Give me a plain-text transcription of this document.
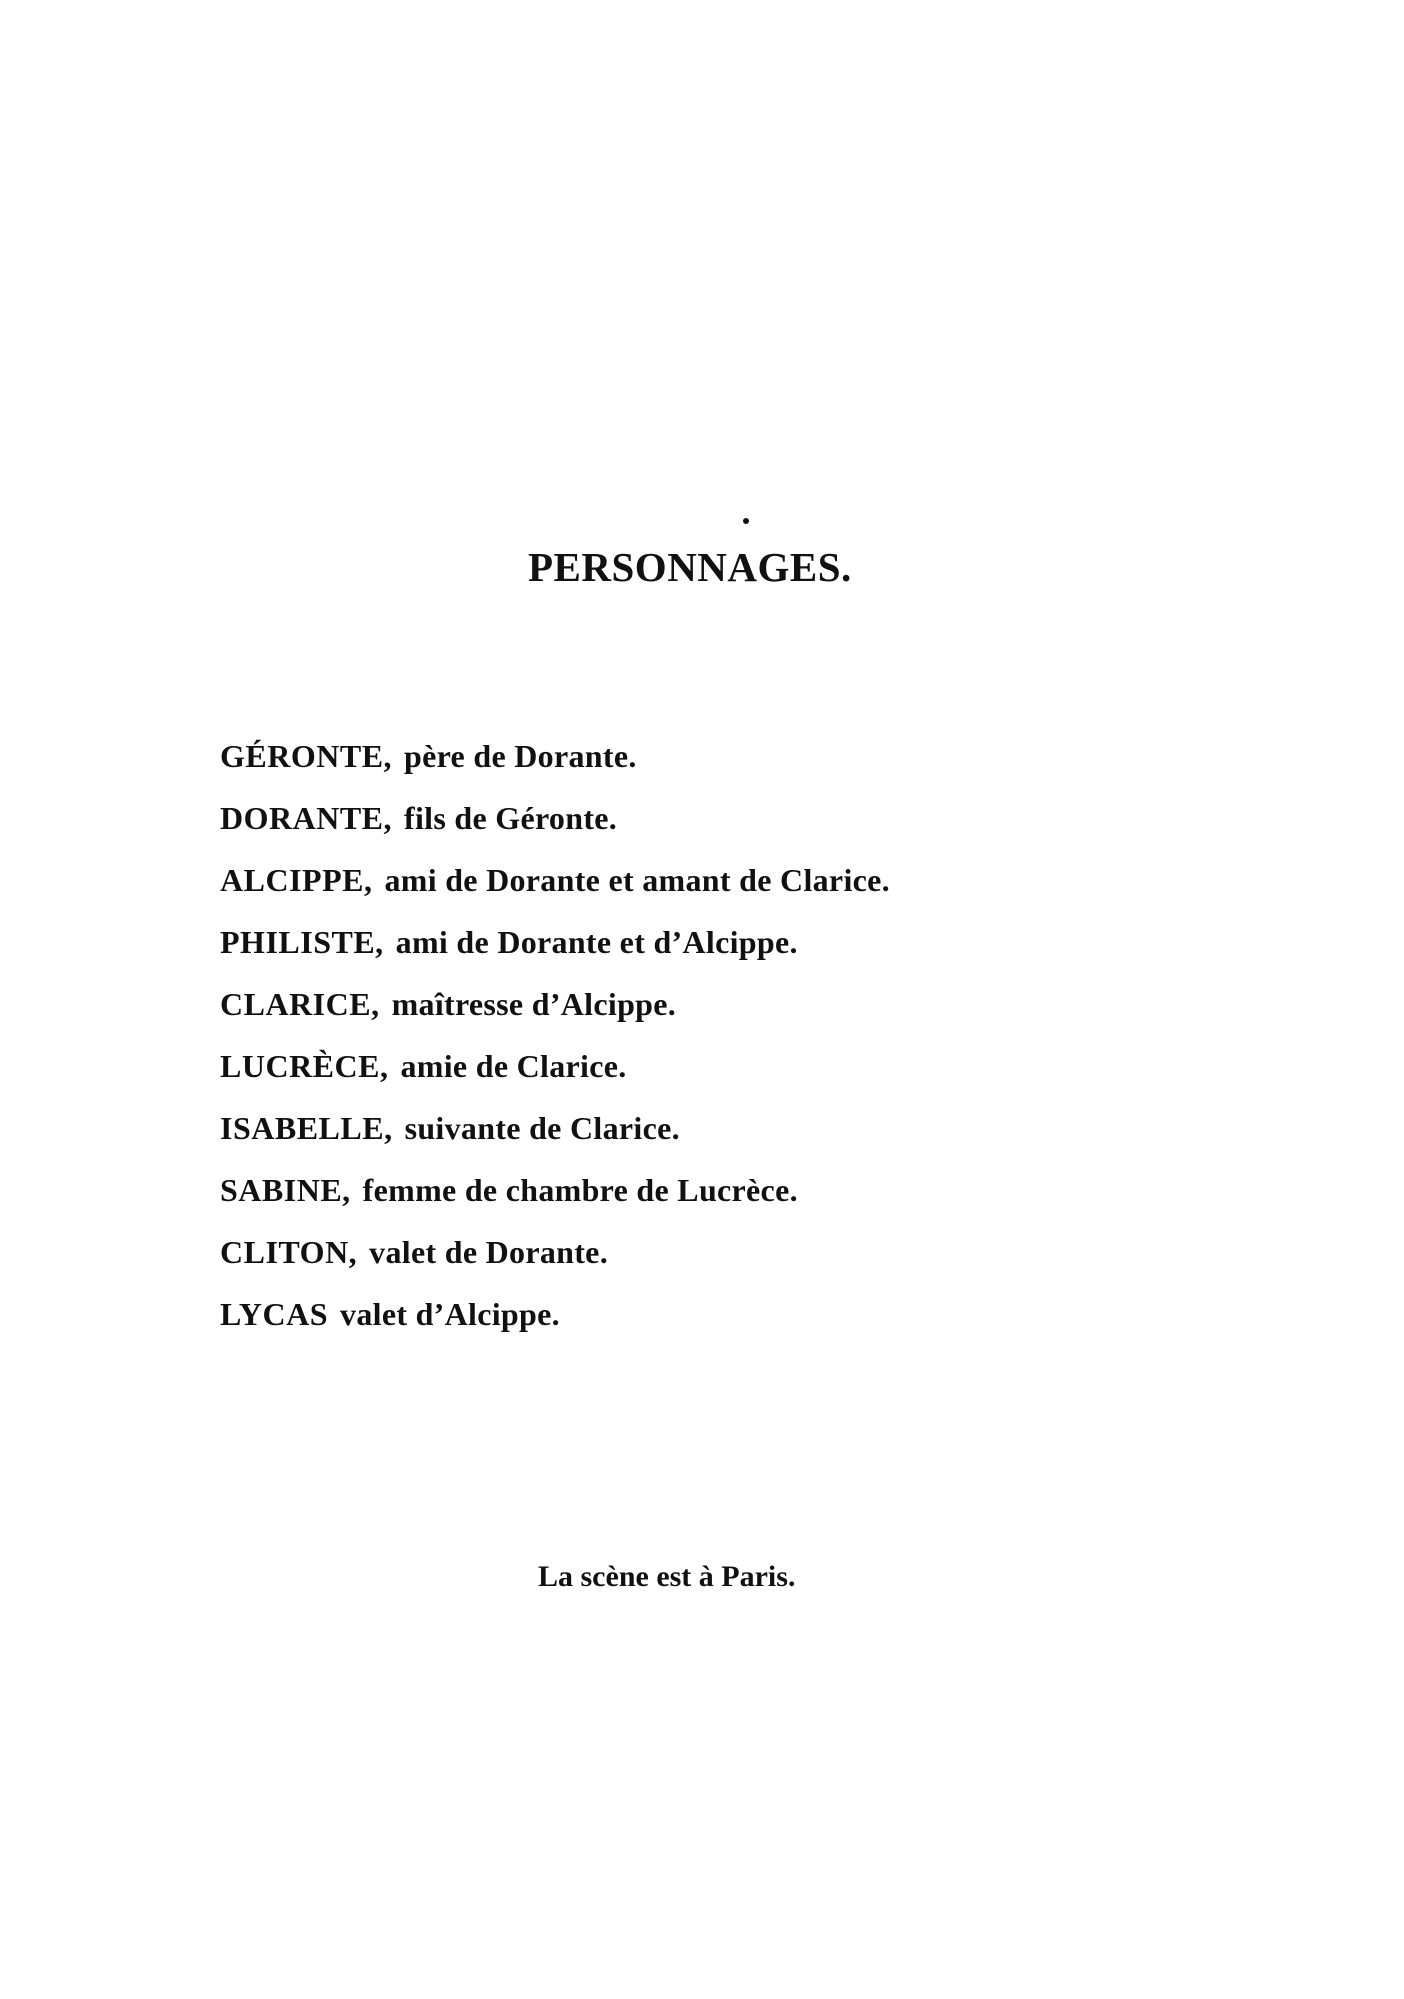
PERSONNAGES.
GÉRONTE, père de Dorante.
DORANTE, fils de Géronte.
ALCIPPE, ami de Dorante et amant de Clarice.
PHILISTE, ami de Dorante et d’Alcippe.
CLARICE, maîtresse d’Alcippe.
LUCRÈCE, amie de Clarice.
ISABELLE, suivante de Clarice.
SABINE, femme de chambre de Lucrèce.
CLITON, valet de Dorante.
LYCAS valet d’Alcippe.
La scène est à Paris.
